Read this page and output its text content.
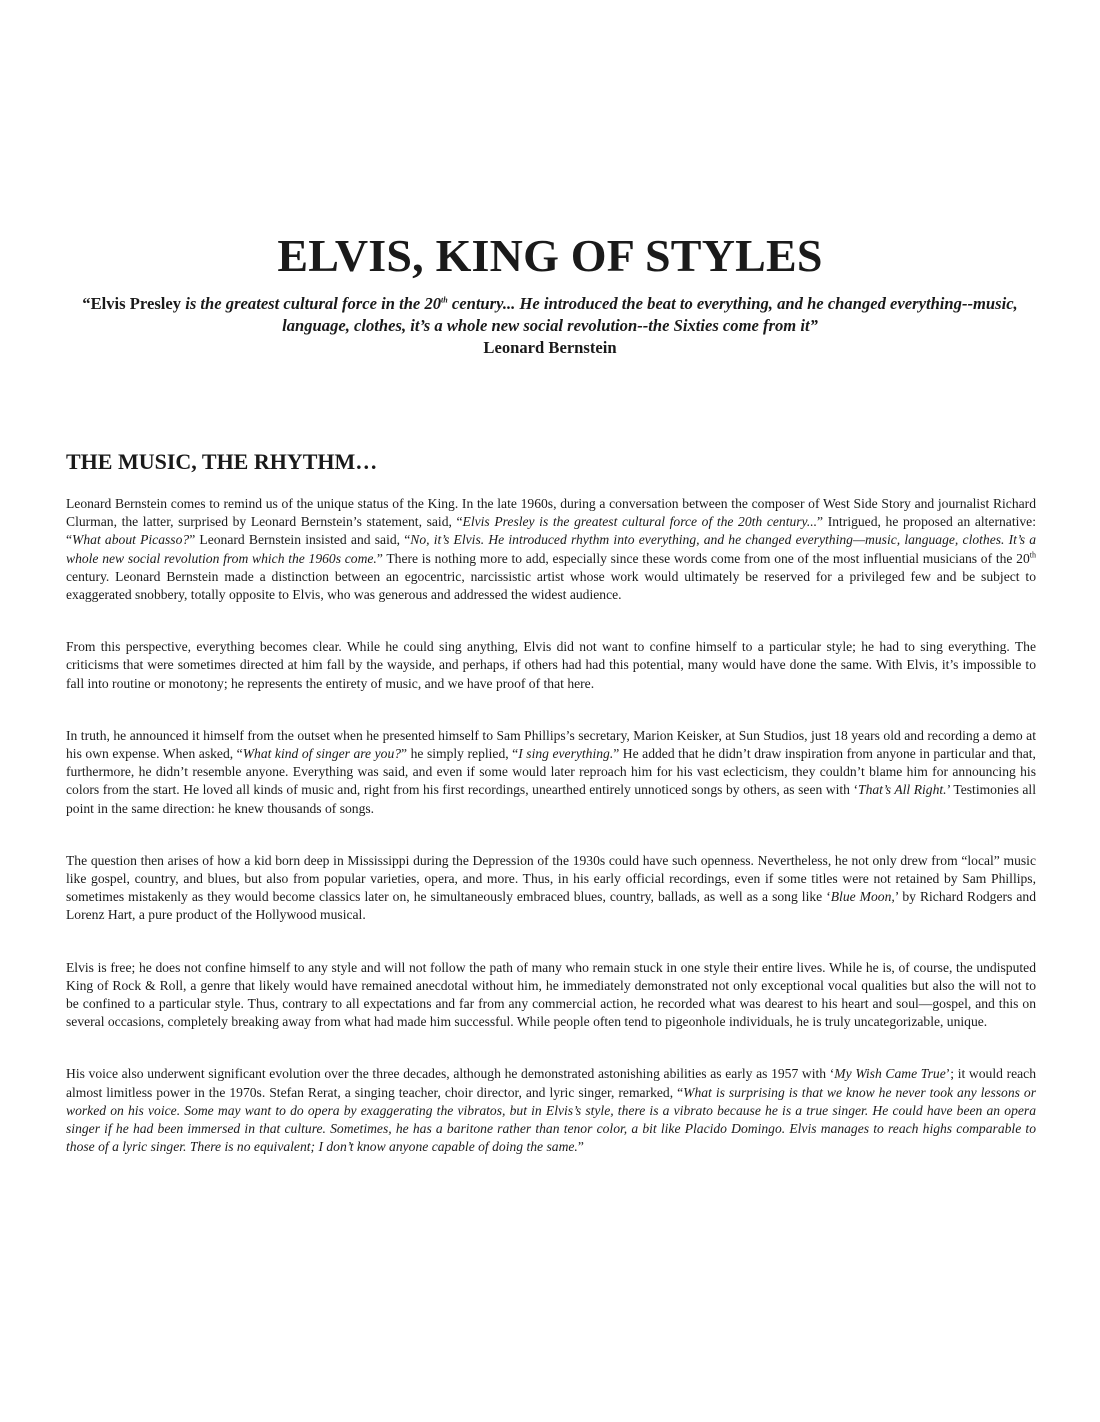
ELVIS, KING OF STYLES
“Elvis Presley is the greatest cultural force in the 20th century... He introduced the beat to everything, and he changed everything--music, language, clothes, it’s a whole new social revolution--the Sixties come from it”
Leonard Bernstein
THE MUSIC, THE RHYTHM…

Leonard Bernstein comes to remind us of the unique status of the King. In the late 1960s, during a conversation between the composer of West Side Story and journalist Richard Clurman, the latter, surprised by Leonard Bernstein’s statement, said, “Elvis Presley is the greatest cultural force of the 20th century...” Intrigued, he proposed an alternative: “What about Picasso?” Leonard Bernstein insisted and said, “No, it’s Elvis. He introduced rhythm into everything, and he changed everything—music, language, clothes. It’s a whole new social revolution from which the 1960s come.” There is nothing more to add, especially since these words come from one of the most influential musicians of the 20th century. Leonard Bernstein made a distinction between an egocentric, narcissistic artist whose work would ultimately be reserved for a privileged few and be subject to exaggerated snobbery, totally opposite to Elvis, who was generous and addressed the widest audience.

From this perspective, everything becomes clear. While he could sing anything, Elvis did not want to confine himself to a particular style; he had to sing everything. The criticisms that were sometimes directed at him fall by the wayside, and perhaps, if others had had this potential, many would have done the same. With Elvis, it’s impossible to fall into routine or monotony; he represents the entirety of music, and we have proof of that here.

In truth, he announced it himself from the outset when he presented himself to Sam Phillips’s secretary, Marion Keisker, at Sun Studios, just 18 years old and recording a demo at his own expense. When asked, “What kind of singer are you?” he simply replied, “I sing everything.” He added that he didn’t draw inspiration from anyone in particular and that, furthermore, he didn’t resemble anyone. Everything was said, and even if some would later reproach him for his vast eclecticism, they couldn’t blame him for announcing his colors from the start. He loved all kinds of music and, right from his first recordings, unearthed entirely unnoticed songs by others, as seen with ‘That’s All Right.’ Testimonies all point in the same direction: he knew thousands of songs.

The question then arises of how a kid born deep in Mississippi during the Depression of the 1930s could have such openness. Nevertheless, he not only drew from “local” music like gospel, country, and blues, but also from popular varieties, opera, and more. Thus, in his early official recordings, even if some titles were not retained by Sam Phillips, sometimes mistakenly as they would become classics later on, he simultaneously embraced blues, country, ballads, as well as a song like ‘Blue Moon,’ by Richard Rodgers and Lorenz Hart, a pure product of the Hollywood musical.

Elvis is free; he does not confine himself to any style and will not follow the path of many who remain stuck in one style their entire lives. While he is, of course, the undisputed King of Rock & Roll, a genre that likely would have remained anecdotal without him, he immediately demonstrated not only exceptional vocal qualities but also the will not to be confined to a particular style. Thus, contrary to all expectations and far from any commercial action, he recorded what was dearest to his heart and soul—gospel, and this on several occasions, completely breaking away from what had made him successful. While people often tend to pigeonhole individuals, he is truly uncategorizable, unique.

His voice also underwent significant evolution over the three decades, although he demonstrated astonishing abilities as early as 1957 with ‘My Wish Came True’; it would reach almost limitless power in the 1970s. Stefan Rerat, a singing teacher, choir director, and lyric singer, remarked, “What is surprising is that we know he never took any lessons or worked on his voice. Some may want to do opera by exaggerating the vibratos, but in Elvis’s style, there is a vibrato because he is a true singer. He could have been an opera singer if he had been immersed in that culture. Sometimes, he has a baritone rather than tenor color, a bit like Placido Domingo. Elvis manages to reach highs comparable to those of a lyric singer. There is no equivalent; I don’t know anyone capable of doing the same.”
